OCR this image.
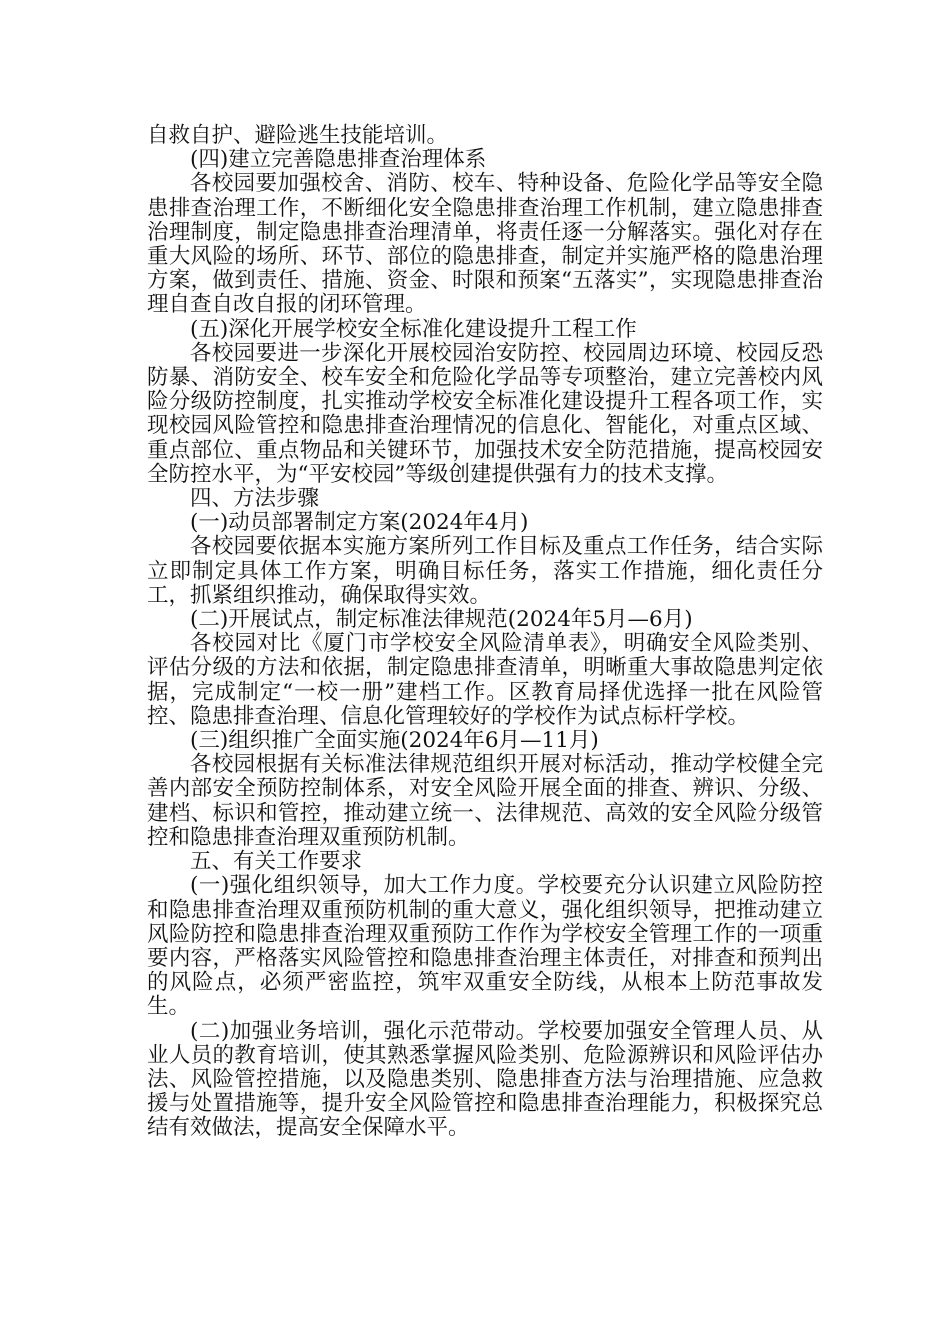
自救自护、避险逃生技能培训。

(四)建立完善隐患排查治理体系

各校园要加强校舍、消防、校车、特种设备、危险化学品等安全隐患排查治理工作，不断细化安全隐患排查治理工作机制，建立隐患排查治理制度，制定隐患排查治理清单，将责任逐一分解落实。强化对存在重大风险的场所、环节、部位的隐患排查，制定并实施严格的隐患治理方案，做到责任、措施、资金、时限和预案“五落实”，实现隐患排查治理自查自改自报的闭环管理。

(五)深化开展学校安全标准化建设提升工程工作

各校园要进一步深化开展校园治安防控、校园周边环境、校园反恐防暴、消防安全、校车安全和危险化学品等专项整治，建立完善校内风险分级防控制度，扎实推动学校安全标准化建设提升工程各项工作，实现校园风险管控和隐患排查治理情况的信息化、智能化，对重点区域、重点部位、重点物品和关键环节，加强技术安全防范措施，提高校园安全防控水平，为“平安校园”等级创建提供强有力的技术支撑。

四、方法步骤

(一)动员部署制定方案(2024年4月)

各校园要依据本实施方案所列工作目标及重点工作任务，结合实际立即制定具体工作方案，明确目标任务，落实工作措施，细化责任分工，抓紧组织推动，确保取得实效。

(二)开展试点，制定标准法律规范(2024年5月—6月)

各校园对比《厦门市学校安全风险清单表》，明确安全风险类别、评估分级的方法和依据，制定隐患排查清单，明晰重大事故隐患判定依据，完成制定“一校一册”建档工作。区教育局择优选择一批在风险管控、隐患排查治理、信息化管理较好的学校作为试点标杆学校。

(三)组织推广全面实施(2024年6月—11月)

各校园根据有关标准法律规范组织开展对标活动，推动学校健全完善内部安全预防控制体系，对安全风险开展全面的排查、辨识、分级、建档、标识和管控，推动建立统一、法律规范、高效的安全风险分级管控和隐患排查治理双重预防机制。

五、有关工作要求

(一)强化组织领导，加大工作力度。学校要充分认识建立风险防控和隐患排查治理双重预防机制的重大意义，强化组织领导，把推动建立风险防控和隐患排查治理双重预防工作作为学校安全管理工作的一项重要内容，严格落实风险管控和隐患排查治理主体责任，对排查和预判出的风险点，必须严密监控，筑牢双重安全防线，从根本上防范事故发生。

(二)加强业务培训，强化示范带动。学校要加强安全管理人员、从业人员的教育培训，使其熟悉掌握风险类别、危险源辨识和风险评估办法、风险管控措施，以及隐患类别、隐患排查方法与治理措施、应急救援与处置措施等，提升安全风险管控和隐患排查治理能力，积极探究总结有效做法，提高安全保障水平。
